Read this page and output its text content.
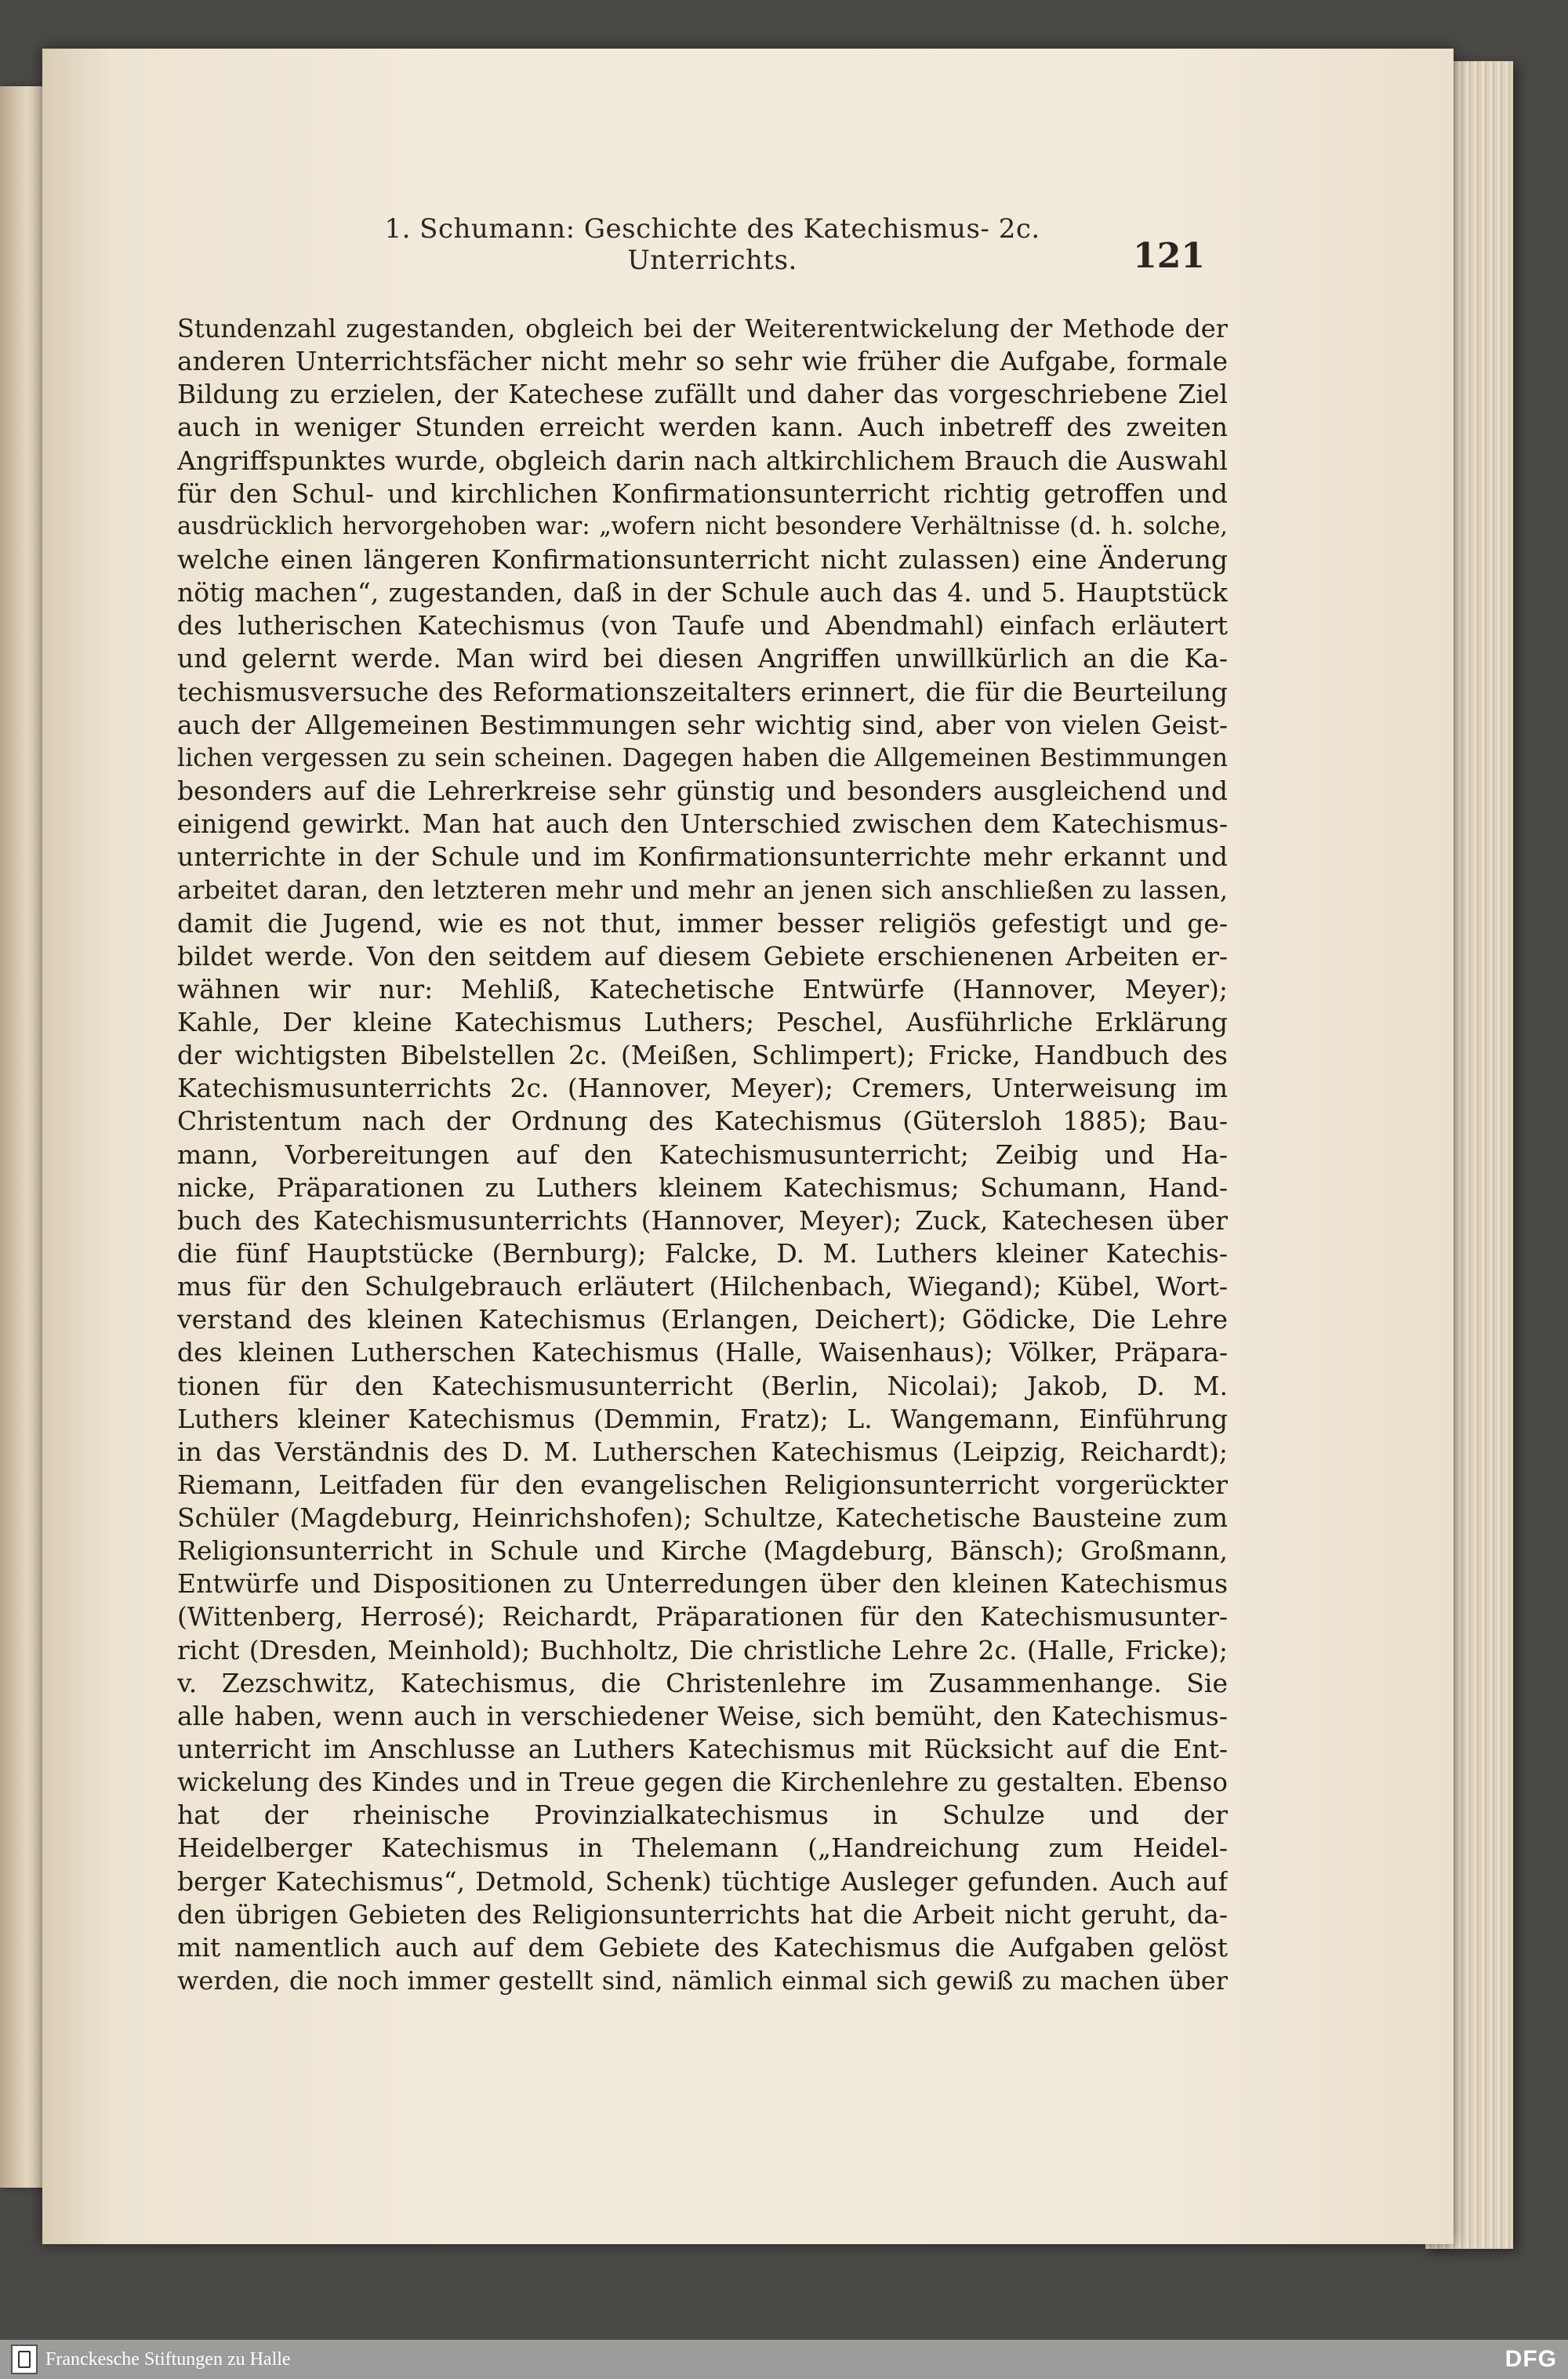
1. Schumann: Geschichte des Katechismus- 2c. Unterrichts.	121
Stundenzahl zugestanden, obgleich bei der Weiterentwickelung der Methode der
anderen Unterrichtsfächer nicht mehr so sehr wie früher die Aufgabe, formale
Bildung zu erzielen, der Katechese zufällt und daher das vorgeschriebene Ziel
auch in weniger Stunden erreicht werden kann. Auch inbetreff des zweiten
Angriffspunktes wurde, obgleich darin nach altkirchlichem Brauch die Auswahl
für den Schul- und kirchlichen Konfirmationsunterricht richtig getroffen und
ausdrücklich hervorgehoben war: „wofern nicht besondere Verhältnisse (d. h. solche,
welche einen längeren Konfirmationsunterricht nicht zulassen) eine Änderung
nötig machen“, zugestanden, daß in der Schule auch das 4. und 5. Hauptstück
des lutherischen Katechismus (von Taufe und Abendmahl) einfach erläutert
und gelernt werde. Man wird bei diesen Angriffen unwillkürlich an die Ka-
techismusversuche des Reformationszeitalters erinnert, die für die Beurteilung
auch der Allgemeinen Bestimmungen sehr wichtig sind, aber von vielen Geist-
lichen vergessen zu sein scheinen. Dagegen haben die Allgemeinen Bestimmungen
besonders auf die Lehrerkreise sehr günstig und besonders ausgleichend und
einigend gewirkt. Man hat auch den Unterschied zwischen dem Katechismus-
unterrichte in der Schule und im Konfirmationsunterrichte mehr erkannt und
arbeitet daran, den letzteren mehr und mehr an jenen sich anschließen zu lassen,
damit die Jugend, wie es not thut, immer besser religiös gefestigt und ge-
bildet werde. Von den seitdem auf diesem Gebiete erschienenen Arbeiten er-
wähnen wir nur: Mehliß, Katechetische Entwürfe (Hannover, Meyer);
Kahle, Der kleine Katechismus Luthers; Peschel, Ausführliche Erklärung
der wichtigsten Bibelstellen 2c. (Meißen, Schlimpert); Fricke, Handbuch des
Katechismusunterrichts 2c. (Hannover, Meyer); Cremers, Unterweisung im
Christentum nach der Ordnung des Katechismus (Gütersloh 1885); Bau-
mann, Vorbereitungen auf den Katechismusunterricht; Zeibig und Ha-
nicke, Präparationen zu Luthers kleinem Katechismus; Schumann, Hand-
buch des Katechismusunterrichts (Hannover, Meyer); Zuck, Katechesen über
die fünf Hauptstücke (Bernburg); Falcke, D. M. Luthers kleiner Katechis-
mus für den Schulgebrauch erläutert (Hilchenbach, Wiegand); Kübel, Wort-
verstand des kleinen Katechismus (Erlangen, Deichert); Gödicke, Die Lehre
des kleinen Lutherschen Katechismus (Halle, Waisenhaus); Völker, Präpara-
tionen für den Katechismusunterricht (Berlin, Nicolai); Jakob, D. M.
Luthers kleiner Katechismus (Demmin, Fratz); L. Wangemann, Einführung
in das Verständnis des D. M. Lutherschen Katechismus (Leipzig, Reichardt);
Riemann, Leitfaden für den evangelischen Religionsunterricht vorgerückter
Schüler (Magdeburg, Heinrichshofen); Schultze, Katechetische Bausteine zum
Religionsunterricht in Schule und Kirche (Magdeburg, Bänsch); Großmann,
Entwürfe und Dispositionen zu Unterredungen über den kleinen Katechismus
(Wittenberg, Herrosé); Reichardt, Präparationen für den Katechismusunter-
richt (Dresden, Meinhold); Buchholtz, Die christliche Lehre 2c. (Halle, Fricke);
v. Zezschwitz, Katechismus, die Christenlehre im Zusammenhange. Sie
alle haben, wenn auch in verschiedener Weise, sich bemüht, den Katechismus-
unterricht im Anschlusse an Luthers Katechismus mit Rücksicht auf die Ent-
wickelung des Kindes und in Treue gegen die Kirchenlehre zu gestalten. Ebenso
hat der rheinische Provinzialkatechismus in Schulze und der
Heidelberger Katechismus in Thelemann („Handreichung zum Heidel-
berger Katechismus“, Detmold, Schenk) tüchtige Ausleger gefunden. Auch auf
den übrigen Gebieten des Religionsunterrichts hat die Arbeit nicht geruht, da-
mit namentlich auch auf dem Gebiete des Katechismus die Aufgaben gelöst
werden, die noch immer gestellt sind, nämlich einmal sich gewiß zu machen über
Franckesche Stiftungen zu Halle	DFG
